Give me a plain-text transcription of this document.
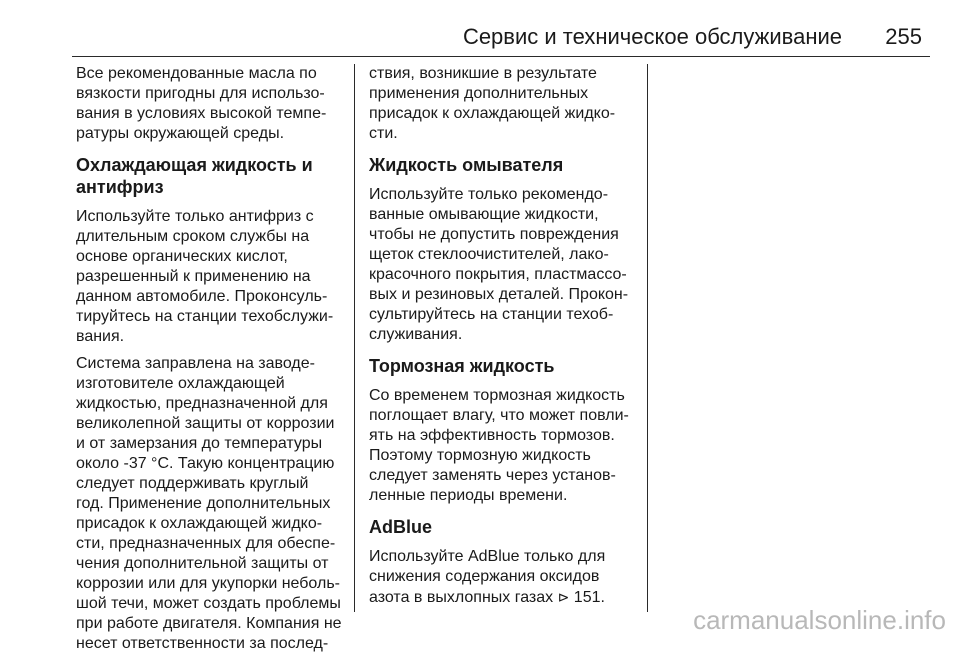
Сервис и техническое обслуживание 255

Все рекомендованные масла по
вязкости пригодны для использо-
вания в условиях высокой темпе-
ратуры окружающей среды.

Охлаждающая жидкость и
антифриз

Используйте только антифриз с
длительным сроком службы на
основе органических кислот,
разрешенный к применению на
данном автомобиле. Проконсуль-
тируйтесь на станции техобслужи-
вания.

Система заправлена на заводе-
изготовителе охлаждающей
жидкостью, предназначенной для
великолепной защиты от коррозии
и от замерзания до температуры
около -37 °C. Такую концентрацию
следует поддерживать круглый
год. Применение дополнительных
присадок к охлаждающей жидко-
сти, предназначенных для обеспе-
чения дополнительной защиты от
коррозии или для укупорки неболь-
шой течи, может создать проблемы
при работе двигателя. Компания не
несет ответственности за послед-

ствия, возникшие в результате
применения дополнительных
присадок к охлаждающей жидко-
сти.

Жидкость омывателя

Используйте только рекомендо-
ванные омывающие жидкости,
чтобы не допустить повреждения
щеток стеклоочистителей, лако-
красочного покрытия, пластмассо-
вых и резиновых деталей. Прокон-
сультируйтесь на станции техоб-
служивания.

Тормозная жидкость

Со временем тормозная жидкость
поглощает влагу, что может повли-
ять на эффективность тормозов.
Поэтому тормозную жидкость
следует заменять через установ-
ленные периоды времени.

AdBlue

Используйте AdBlue только для
снижения содержания оксидов
азота в выхлопных газах ⊳ 151.

carmanualsonline.info
